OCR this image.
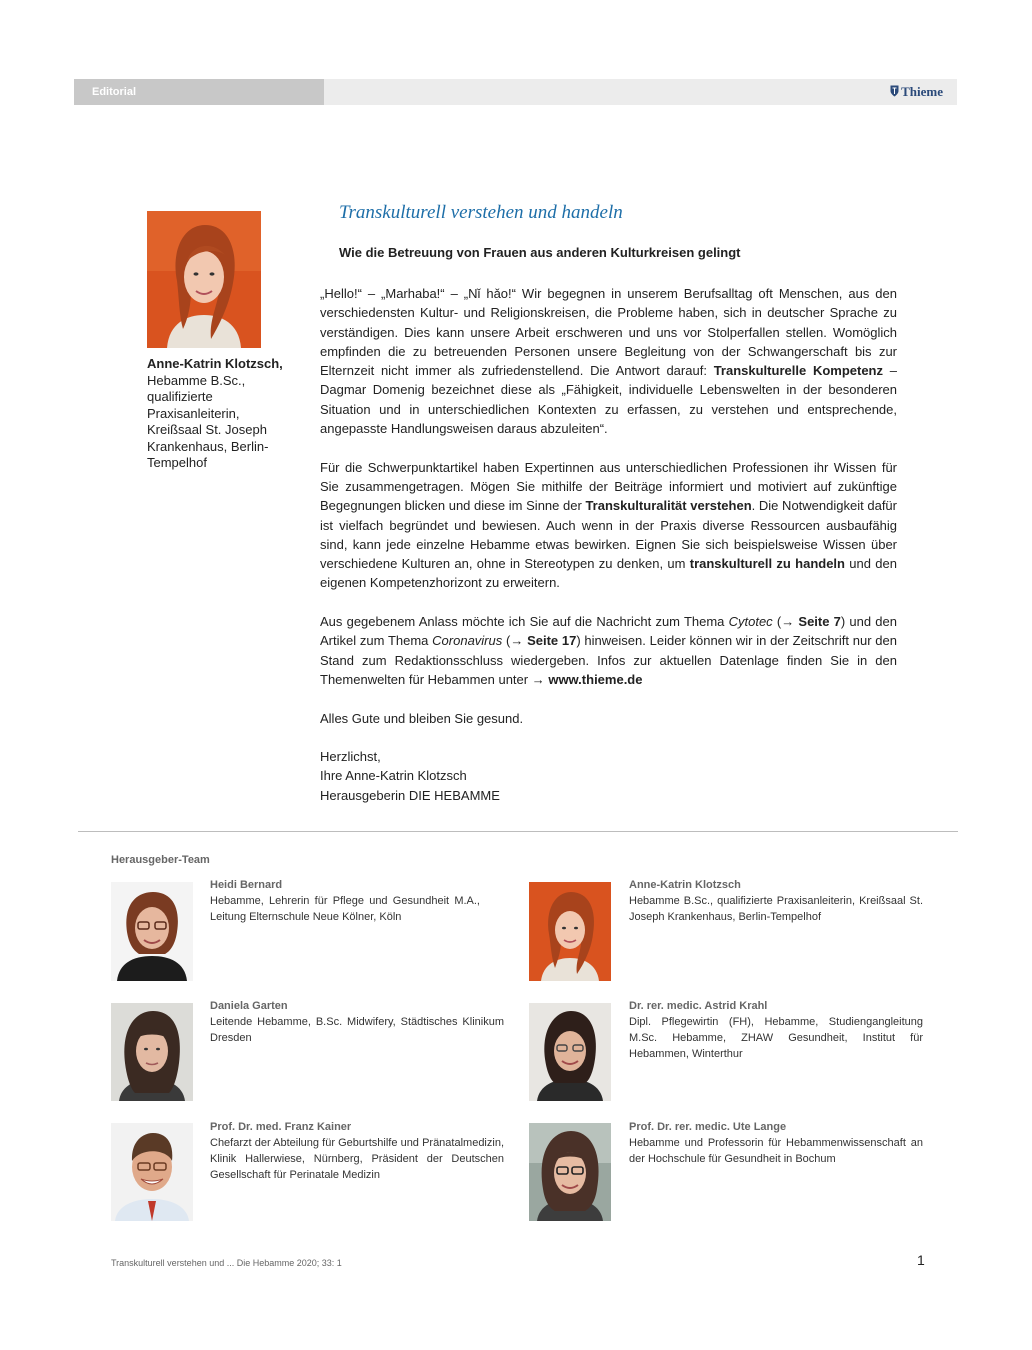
Editorial	Thieme
Anne-Katrin Klotzsch,
Hebamme B.Sc., qualifizierte Praxisanleiterin, Kreißsaal St. Joseph Krankenhaus, Berlin-Tempelhof
Transkulturell verstehen und handeln
Wie die Betreuung von Frauen aus anderen Kulturkreisen gelingt

„Hello!“ – „Marhaba!“ – „Nǐ hǎo!“ Wir begegnen in unserem Berufsalltag oft Menschen, aus den verschiedensten Kultur- und Religionskreisen, die Probleme haben, sich in deutscher Sprache zu verständigen. Dies kann unsere Arbeit erschweren und uns vor Stolperfallen stellen. Womöglich empfinden die zu betreuenden Personen unsere Begleitung von der Schwangerschaft bis zur Elternzeit nicht immer als zufriedenstellend. Die Antwort darauf: Transkulturelle Kompetenz – Dagmar Domenig bezeichnet diese als „Fähigkeit, individuelle Lebenswelten in der besonderen Situation und in unterschiedlichen Kontexten zu erfassen, zu verstehen und entsprechende, angepasste Handlungsweisen daraus abzuleiten“.

Für die Schwerpunktartikel haben Expertinnen aus unterschiedlichen Professionen ihr Wissen für Sie zusammengetragen. Mögen Sie mithilfe der Beiträge informiert und motiviert auf zukünftige Begegnungen blicken und diese im Sinne der Transkulturalität verstehen. Die Notwendigkeit dafür ist vielfach begründet und bewiesen. Auch wenn in der Praxis diverse Ressourcen ausbaufähig sind, kann jede einzelne Hebamme etwas bewirken. Eignen Sie sich beispielsweise Wissen über verschiedene Kulturen an, ohne in Stereotypen zu denken, um transkulturell zu handeln und den eigenen Kompetenzhorizont zu erweitern.

Aus gegebenem Anlass möchte ich Sie auf die Nachricht zum Thema Cytotec (→ Seite 7) und den Artikel zum Thema Coronavirus (→ Seite 17) hinweisen. Leider können wir in der Zeitschrift nur den Stand zum Redaktionsschluss wiedergeben. Infos zur aktuellen Datenlage finden Sie in den Themenwelten für Hebammen unter → www.thieme.de

Alles Gute und bleiben Sie gesund.

Herzlichst,
Ihre Anne-Katrin Klotzsch
Herausgeberin DIE HEBAMME
Herausgeber-Team
Heidi Bernard
Hebamme, Lehrerin für Pflege und Gesundheit M.A., Leitung Elternschule Neue Kölner, Köln
Anne-Katrin Klotzsch
Hebamme B.Sc., qualifizierte Praxisanleiterin, Kreißsaal St. Joseph Krankenhaus, Berlin-Tempelhof
Daniela Garten
Leitende Hebamme, B.Sc. Midwifery, Städtisches Klinikum Dresden
Dr. rer. medic. Astrid Krahl
Dipl. Pflegewirtin (FH), Hebamme, Studiengangleitung M.Sc. Hebamme, ZHAW Gesundheit, Institut für Hebammen, Winterthur
Prof. Dr. med. Franz Kainer
Chefarzt der Abteilung für Geburtshilfe und Pränatalmedizin, Klinik Hallerwiese, Nürnberg, Präsident der Deutschen Gesellschaft für Perinatale Medizin
Prof. Dr. rer. medic. Ute Lange
Hebamme und Professorin für Hebammenwissenschaft an der Hochschule für Gesundheit in Bochum
Transkulturell verstehen und ... Die Hebamme 2020; 33: 1	1
